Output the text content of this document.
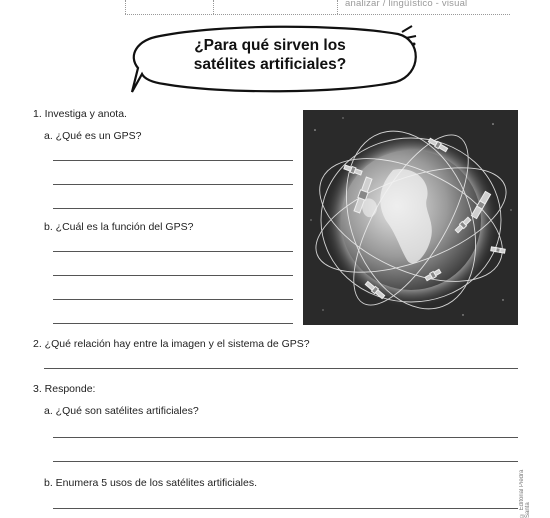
analizar / lingüístico - visual
¿Para qué sirven los
satélites artificiales?
1. Investiga y anota.
a. ¿Qué es un GPS?
b. ¿Cuál es la función del GPS?
2. ¿Qué relación hay entre la imagen y el sistema de GPS?
3. Responde:
a. ¿Qué son satélites artificiales?
b. Enumera 5 usos de los satélites artificiales.	© Editorial Piedra Santa
